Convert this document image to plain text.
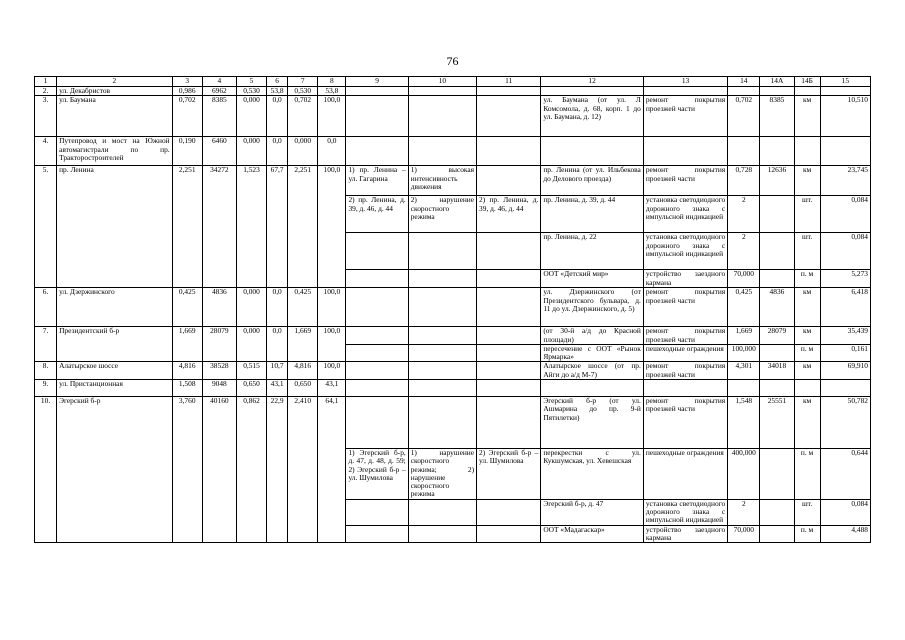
76
1	2	3	4	5	6	7	8	9	10	11	12	13	14	14А	14Б	15
2.	ул. Декабристов	0,986	6962	0,530	53,8	0,530	53,8									
3.	ул. Баумана	0,702	8385	0,000	0,0	0,702	100,0				ул. Баумана (от ул. Л Комсомола, д. 68, корп. 1 до ул. Баумана, д. 12)	ремонт покрытия проезжей части	0,702	8385	км	10,510
4.	Путепровод и мост на Южной автомагистрали по пр. Тракторостроителей	0,190	6460	0,000	0,0	0,000	0,0									
5.	пр. Ленина	2,251	34272	1,523	67,7	2,251	100,0	1) пр. Ленина – ул. Гагарина	1) высокая интенсивность движения		пр. Ленина (от ул. Ильбекова до Делового проезда)	ремонт покрытия проезжей части	0,728	12636	км	23,745
								2) пр. Ленина, д. 39, д. 46, д. 44	2) нарушение скоростного режима	2) пр. Ленина, д. 39, д. 46, д. 44	пр. Ленина, д. 39, д. 44	установка светодиодного дорожного знака с импульсной индикацией	2		шт.	0,084
											пр. Ленина, д. 22	установка светодиодного дорожного знака с импульсной индикацией	2		шт.	0,084
											ООТ «Детский мир»	устройство заездного кармана	70,000		п. м	5,273
6.	ул. Дзержинского	0,425	4836	0,000	0,0	0,425	100,0				ул. Дзержинского (от Президентского бульвара, д. 11 до ул. Дзержинского, д. 5)	ремонт покрытия проезжей части	0,425	4836	км	6,418
7.	Президентский б-р	1,669	28079	0,000	0,0	1,669	100,0				(от 30-й а/д до Красной площади)	ремонт покрытия проезжей части	1,669	28079	км	35,439
											пересечение с ООТ «Рынок Ярмарка»	пешеходные ограждения	100,000		п. м	0,161
8.	Алатырское шоссе	4,816	38528	0,515	10,7	4,816	100,0				Алатырское шоссе (от пр. Айги до а/д М-7)	ремонт покрытия проезжей части	4,301	34018	км	69,910
9.	ул. Пристанционная	1,508	9048	0,650	43,1	0,650	43,1									
10.	Эгерский б-р	3,760	40160	0,862	22,9	2,410	64,1				Эгерский б-р (от ул. Ашмарина до пр. 9-й Пятилетки)	ремонт покрытия проезжей части	1,548	25551	км	50,782
								1) Эгерский б-р, д. 47, д. 48, д. 59; 2) Эгерский б-р – ул. Шумилова	1) нарушение скоростного режима; 2) нарушение скоростного режима	2) Эгерский б-р – ул. Шумилова	перекрестки с ул. Кукшумская, ул. Хевешская	пешеходные ограждения	400,000		п. м	0,644
											Эгерский б-р, д. 47	установка светодиодного дорожного знака с импульсной индикацией	2		шт.	0,084
											ООТ «Мадагаскар»	устройство заездного кармана	70,000		п. м	4,488
